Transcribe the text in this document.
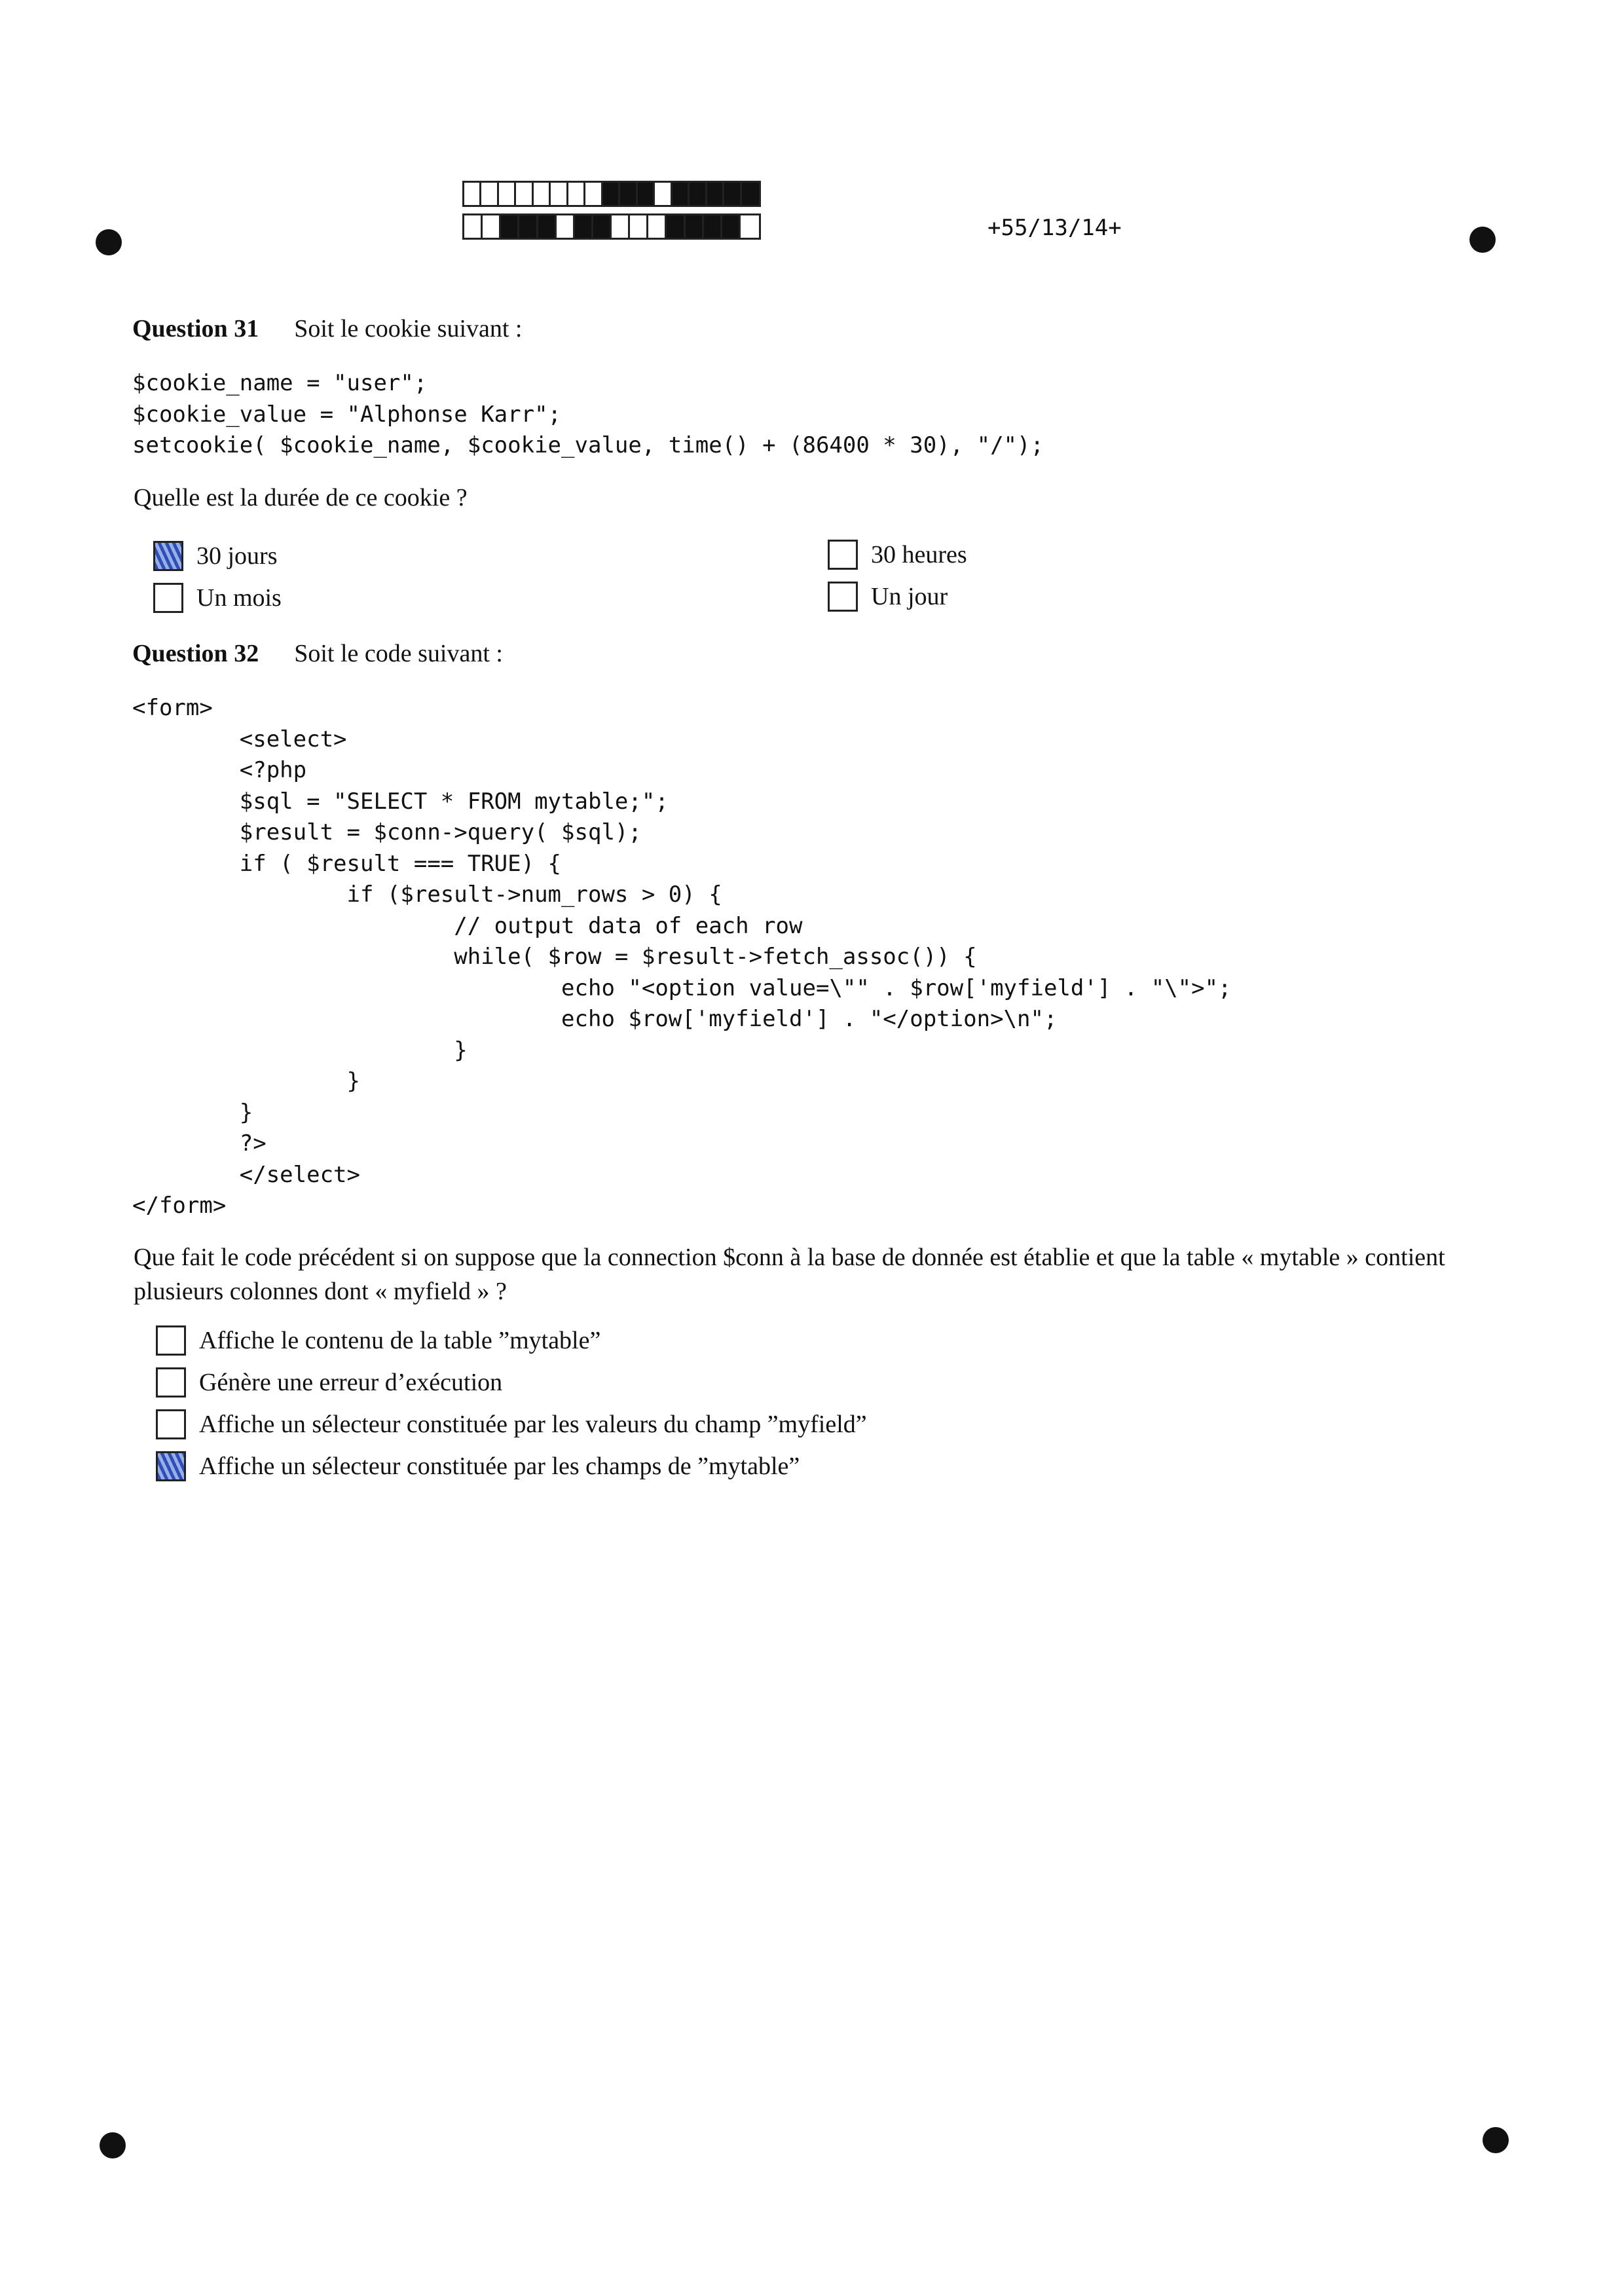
+55/13/14+
Question 31 Soit le cookie suivant :
$cookie_name = "user";
$cookie_value = "Alphonse Karr";
setcookie( $cookie_name, $cookie_value, time() + (86400 * 30), "/");
Quelle est la durée de ce cookie ?
30 jours
Un mois
30 heures
Un jour
Question 32 Soit le code suivant :
<form>
<select>
<?php
$sql = "SELECT * FROM mytable;";
$result = $conn->query( $sql);
if ( $result === TRUE) {
if ($result->num_rows > 0) {
// output data of each row
while( $row = $result->fetch_assoc()) {
echo "<option value=\"" . $row['myfield'] . "\">";
echo $row['myfield'] . "</option>\n";
}
}
}
?>
</select>
</form>
Que fait le code précédent si on suppose que la connection $conn à la base de donnée est établie et que la table « mytable » contient plusieurs colonnes dont « myfield » ?
Affiche le contenu de la table ”mytable”
Génère une erreur d’exécution
Affiche un sélecteur constituée par les valeurs du champ ”myfield”
Affiche un sélecteur constituée par les champs de ”mytable”
